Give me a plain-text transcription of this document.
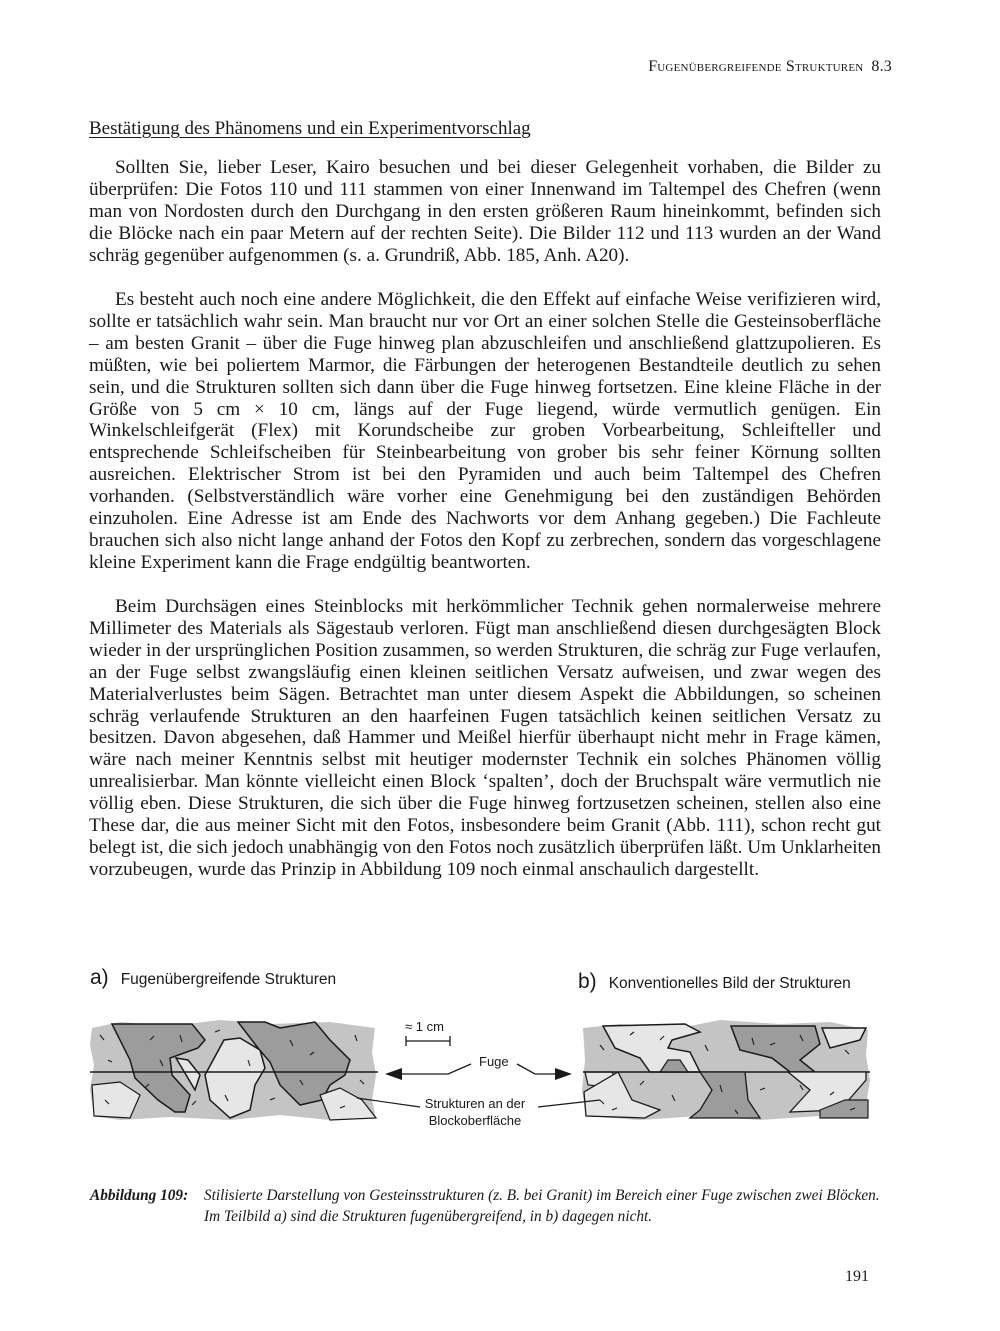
Fugenübergreifende Strukturen 8.3
Bestätigung des Phänomens und ein Experimentvorschlag

Sollten Sie, lieber Leser, Kairo besuchen und bei dieser Gelegenheit vorhaben, die Bilder zu überprüfen: Die Fotos 110 und 111 stammen von einer Innenwand im Taltempel des Chefren (wenn man von Nordosten durch den Durchgang in den ersten größeren Raum hineinkommt, befinden sich die Blöcke nach ein paar Metern auf der rechten Seite). Die Bilder 112 und 113 wurden an der Wand schräg gegenüber aufgenommen (s. a. Grundriß, Abb. 185, Anh. A20).

Es besteht auch noch eine andere Möglichkeit, die den Effekt auf einfache Weise verifizieren wird, sollte er tatsächlich wahr sein. Man braucht nur vor Ort an einer solchen Stelle die Gesteinsoberfläche – am besten Granit – über die Fuge hinweg plan abzuschleifen und anschließend glattzupolieren. Es müßten, wie bei poliertem Marmor, die Färbungen der heterogenen Bestandteile deutlich zu sehen sein, und die Strukturen sollten sich dann über die Fuge hinweg fortsetzen. Eine kleine Fläche in der Größe von 5 cm × 10 cm, längs auf der Fuge liegend, würde vermutlich genügen. Ein Winkelschleifgerät (Flex) mit Korundscheibe zur groben Vorbearbeitung, Schleifteller und entsprechende Schleifscheiben für Steinbearbeitung von grober bis sehr feiner Körnung sollten ausreichen. Elektrischer Strom ist bei den Pyramiden und auch beim Taltempel des Chefren vorhanden. (Selbstverständlich wäre vorher eine Genehmigung bei den zuständigen Behörden einzuholen. Eine Adresse ist am Ende des Nachworts vor dem Anhang gegeben.) Die Fachleute brauchen sich also nicht lange anhand der Fotos den Kopf zu zerbrechen, sondern das vorgeschlagene kleine Experiment kann die Frage endgültig beantworten.

Beim Durchsägen eines Steinblocks mit herkömmlicher Technik gehen normalerweise mehrere Millimeter des Materials als Sägestaub verloren. Fügt man anschließend diesen durchgesägten Block wieder in der ursprünglichen Position zusammen, so werden Strukturen, die schräg zur Fuge verlaufen, an der Fuge selbst zwangsläufig einen kleinen seitlichen Versatz aufweisen, und zwar wegen des Materialverlustes beim Sägen. Betrachtet man unter diesem Aspekt die Abbildungen, so scheinen schräg verlaufende Strukturen an den haarfeinen Fugen tatsächlich keinen seitlichen Versatz zu besitzen. Davon abgesehen, daß Hammer und Meißel hierfür überhaupt nicht mehr in Frage kämen, wäre nach meiner Kenntnis selbst mit heutiger modernster Technik ein solches Phänomen völlig unrealisierbar. Man könnte vielleicht einen Block ‘spalten’, doch der Bruchspalt wäre vermutlich nie völlig eben. Diese Strukturen, die sich über die Fuge hinweg fortzusetzen scheinen, stellen also eine These dar, die aus meiner Sicht mit den Fotos, insbesondere beim Granit (Abb. 111), schon recht gut belegt ist, die sich jedoch unabhängig von den Fotos noch zusätzlich überprüfen läßt. Um Unklarheiten vorzubeugen, wurde das Prinzip in Abbildung 109 noch einmal anschaulich dargestellt.

a) Fugenübergreifende Strukturen	b) Konventionelles Bild der Strukturen
≈ 1 cm
Fuge
Strukturen an der Blockoberfläche
Abbildung 109: Stilisierte Darstellung von Gesteinsstrukturen (z. B. bei Granit) im Bereich einer Fuge zwischen zwei Blöcken. Im Teilbild a) sind die Strukturen fugenübergreifend, in b) dagegen nicht.
191
